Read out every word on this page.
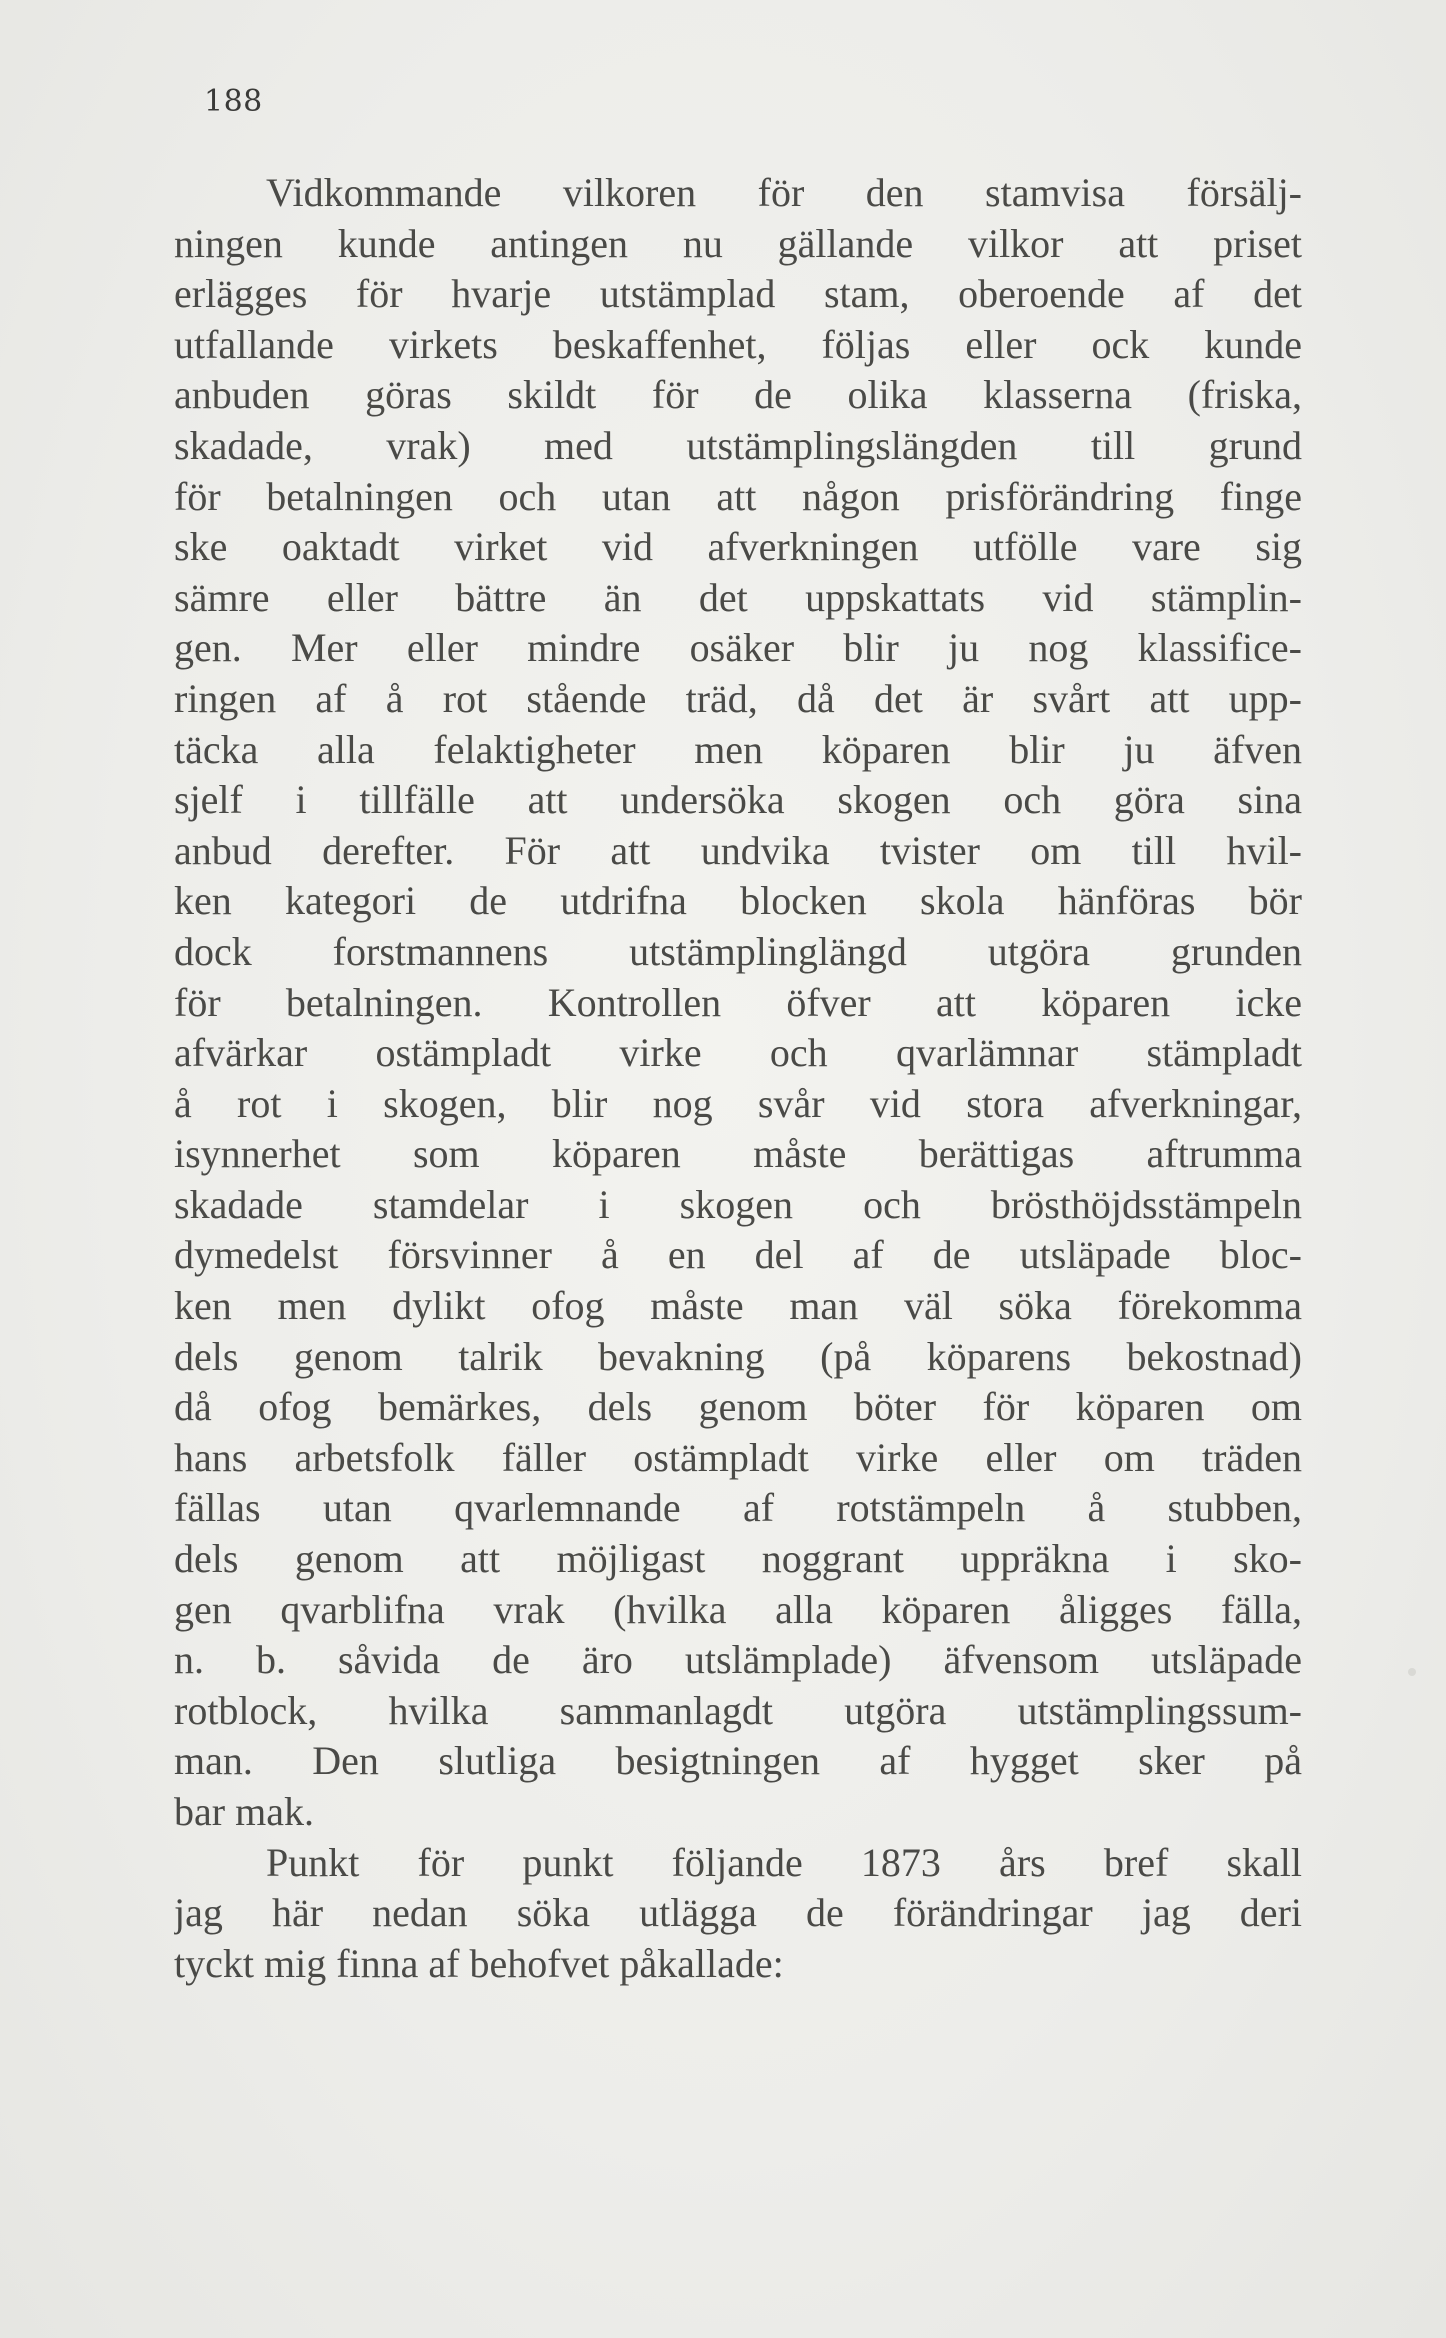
188
Vidkommande vilkoren för den stamvisa försälj-
ningen kunde antingen nu gällande vilkor att priset
erlägges för hvarje utstämplad stam, oberoende af det
utfallande virkets beskaffenhet, följas eller ock kunde
anbuden göras skildt för de olika klasserna (friska,
skadade, vrak) med utstämplingslängden till grund
för betalningen och utan att någon prisförändring finge
ske oaktadt virket vid afverkningen utfölle vare sig
sämre eller bättre än det uppskattats vid stämplin-
gen. Mer eller mindre osäker blir ju nog klassifice-
ringen af å rot stående träd, då det är svårt att upp-
täcka alla felaktigheter men köparen blir ju äfven
sjelf i tillfälle att undersöka skogen och göra sina
anbud derefter. För att undvika tvister om till hvil-
ken kategori de utdrifna blocken skola hänföras bör
dock forstmannens utstämplinglängd utgöra grunden
för betalningen. Kontrollen öfver att köparen icke
afvärkar ostämpladt virke och qvarlämnar stämpladt
å rot i skogen, blir nog svår vid stora afverkningar,
isynnerhet som köparen måste berättigas aftrumma
skadade stamdelar i skogen och brösthöjdsstämpeln
dymedelst försvinner å en del af de utsläpade bloc-
ken men dylikt ofog måste man väl söka förekomma
dels genom talrik bevakning (på köparens bekostnad)
då ofog bemärkes, dels genom böter för köparen om
hans arbetsfolk fäller ostämpladt virke eller om träden
fällas utan qvarlemnande af rotstämpeln å stubben,
dels genom att möjligast noggrant uppräkna i sko-
gen qvarblifna vrak (hvilka alla köparen åligges fälla,
n. b. såvida de äro utslämplade) äfvensom utsläpade
rotblock, hvilka sammanlagdt utgöra utstämplingssum-
man. Den slutliga besigtningen af hygget sker på
bar mak.
Punkt för punkt följande 1873 års bref skall
jag här nedan söka utlägga de förändringar jag deri
tyckt mig finna af behofvet påkallade:
